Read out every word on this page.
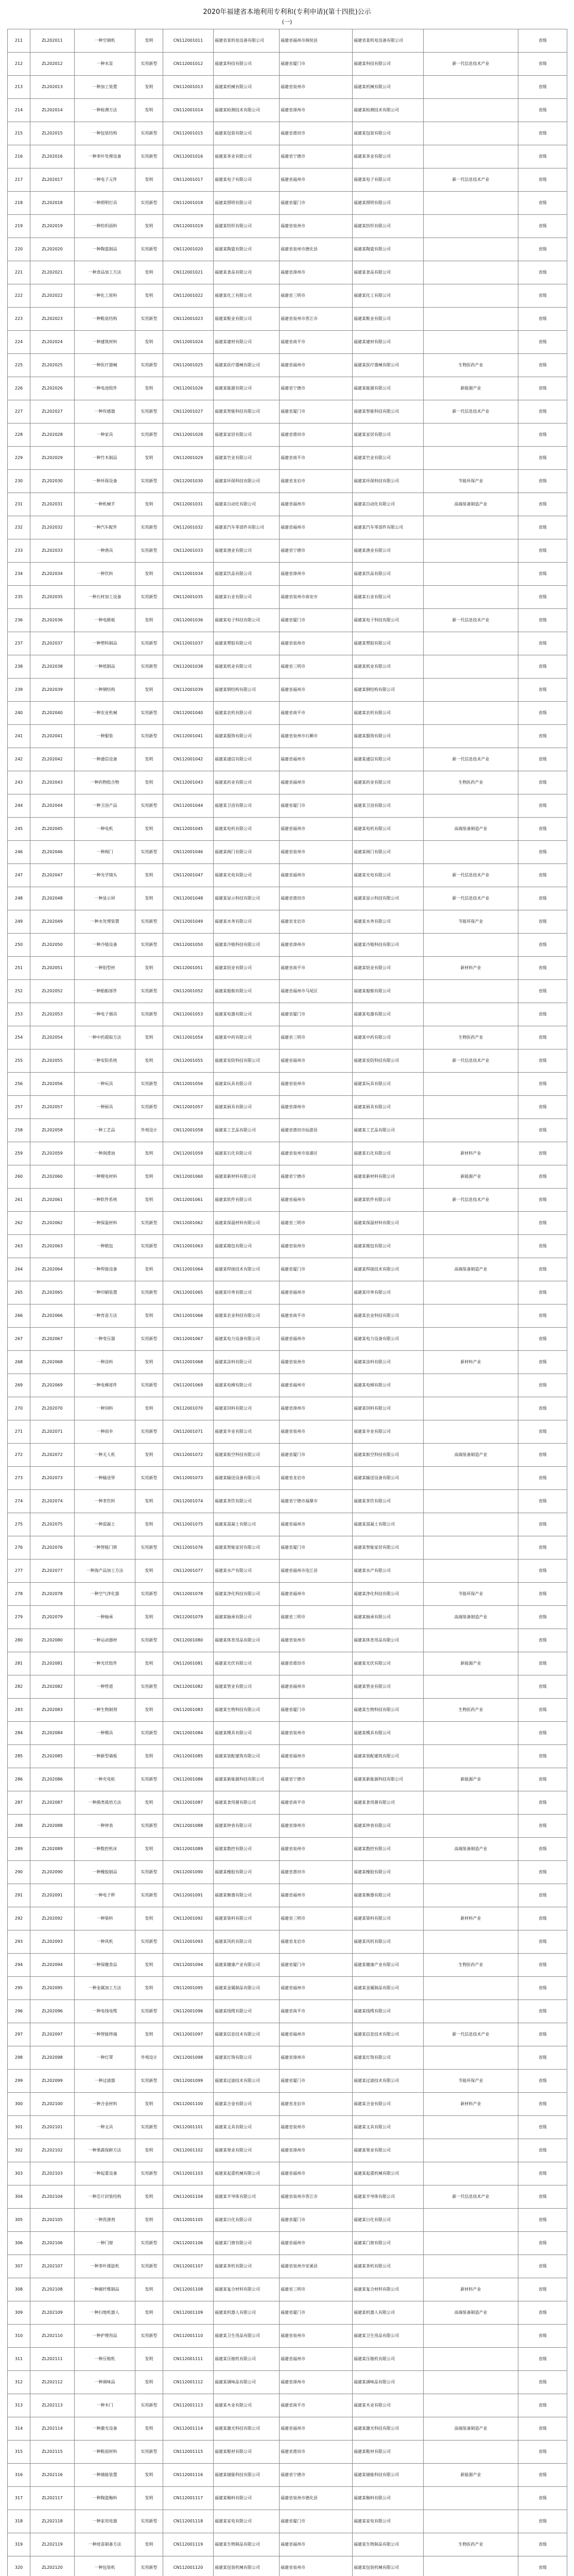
2020年福建省本地利用专利和(专利申请)(第十四批)公示
(一)
211	ZL202011	一种空调机	发明	CN112001011	福建省某机电设备有限公司	福建省福州市闽侯县	福建省某机电设备有限公司		省级
212	ZL202012	一种水泵	实用新型	CN112001012	福建某科技有限公司	福建省厦门市	福建某科技有限公司	新一代信息技术产业	省级
213	ZL202013	一种加工装置	发明	CN112001013	福建某机械有限公司	福建省泉州市	福建某机械有限公司		省级
214	ZL202014	一种检测方法	发明	CN112001014	福建某检测技术有限公司	福建省漳州市	福建某检测技术有限公司		省级
215	ZL202015	一种包装结构	实用新型	CN112001015	福建某包装有限公司	福建省莆田市	福建某包装有限公司		省级
216	ZL202016	一种茶叶处理设备	实用新型	CN112001016	福建某茶业有限公司	福建省宁德市	福建某茶业有限公司		省级
217	ZL202017	一种电子元件	发明	CN112001017	福建某电子有限公司	福建省福州市	福建某电子有限公司	新一代信息技术产业	省级
218	ZL202018	一种照明灯具	实用新型	CN112001018	福建某照明有限公司	福建省厦门市	福建某照明有限公司		省级
219	ZL202019	一种纺织面料	发明	CN112001019	福建某纺织有限公司	福建省泉州市	福建某纺织有限公司		省级
220	ZL202020	一种陶瓷制品	实用新型	CN112001020	福建某陶瓷有限公司	福建省泉州市德化县	福建某陶瓷有限公司		省级
221	ZL202021	一种食品加工方法	发明	CN112001021	福建某食品有限公司	福建省漳州市	福建某食品有限公司		省级
222	ZL202022	一种化工原料	发明	CN112001022	福建某化工有限公司	福建省三明市	福建某化工有限公司		省级
223	ZL202023	一种鞋底结构	实用新型	CN112001023	福建某鞋业有限公司	福建省泉州市晋江市	福建某鞋业有限公司		省级
224	ZL202024	一种建筑材料	发明	CN112001024	福建某建材有限公司	福建省南平市	福建某建材有限公司		省级
225	ZL202025	一种医疗器械	实用新型	CN112001025	福建某医疗器械有限公司	福建省福州市	福建某医疗器械有限公司	生物医药产业	省级
226	ZL202026	一种电池组件	发明	CN112001026	福建某能源有限公司	福建省宁德市	福建某能源有限公司	新能源产业	省级
227	ZL202027	一种传感器	实用新型	CN112001027	福建某智能科技有限公司	福建省厦门市	福建某智能科技有限公司	新一代信息技术产业	省级
228	ZL202028	一种家具	实用新型	CN112001028	福建某家居有限公司	福建省莆田市	福建某家居有限公司		省级
229	ZL202029	一种竹木制品	发明	CN112001029	福建某竹业有限公司	福建省南平市	福建某竹业有限公司		省级
230	ZL202030	一种环保设备	实用新型	CN112001030	福建某环保科技有限公司	福建省龙岩市	福建某环保科技有限公司	节能环保产业	省级
231	ZL202031	一种机械手	发明	CN112001031	福建某自动化有限公司	福建省福州市	福建某自动化有限公司	高端装备制造产业	省级
232	ZL202032	一种汽车配件	实用新型	CN112001032	福建某汽车零部件有限公司	福建省福州市	福建某汽车零部件有限公司		省级
233	ZL202033	一种渔具	实用新型	CN112001033	福建某渔业有限公司	福建省宁德市	福建某渔业有限公司		省级
234	ZL202034	一种饮料	发明	CN112001034	福建某饮品有限公司	福建省漳州市	福建某饮品有限公司		省级
235	ZL202035	一种石材加工设备	实用新型	CN112001035	福建某石业有限公司	福建省泉州市南安市	福建某石业有限公司		省级
236	ZL202036	一种电路板	发明	CN112001036	福建某电子科技有限公司	福建省厦门市	福建某电子科技有限公司	新一代信息技术产业	省级
237	ZL202037	一种塑料制品	实用新型	CN112001037	福建某塑胶有限公司	福建省泉州市	福建某塑胶有限公司		省级
238	ZL202038	一种纸制品	实用新型	CN112001038	福建某纸业有限公司	福建省三明市	福建某纸业有限公司		省级
239	ZL202039	一种钢结构	发明	CN112001039	福建某钢结构有限公司	福建省福州市	福建某钢结构有限公司		省级
240	ZL202040	一种农业机械	实用新型	CN112001040	福建某农机有限公司	福建省南平市	福建某农机有限公司		省级
241	ZL202041	一种服装	实用新型	CN112001041	福建某服饰有限公司	福建省泉州市石狮市	福建某服饰有限公司		省级
242	ZL202042	一种通信设备	发明	CN112001042	福建某通信有限公司	福建省福州市	福建某通信有限公司	新一代信息技术产业	省级
243	ZL202043	一种药物组合物	发明	CN112001043	福建某药业有限公司	福建省福州市	福建某药业有限公司	生物医药产业	省级
244	ZL202044	一种卫浴产品	实用新型	CN112001044	福建某卫浴有限公司	福建省厦门市	福建某卫浴有限公司		省级
245	ZL202045	一种电机	发明	CN112001045	福建某电机有限公司	福建省福州市	福建某电机有限公司	高端装备制造产业	省级
246	ZL202046	一种阀门	实用新型	CN112001046	福建某阀门有限公司	福建省泉州市	福建某阀门有限公司		省级
247	ZL202047	一种光学镜头	发明	CN112001047	福建某光电有限公司	福建省福州市	福建某光电有限公司	新一代信息技术产业	省级
248	ZL202048	一种显示屏	发明	CN112001048	福建某显示科技有限公司	福建省莆田市	福建某显示科技有限公司	新一代信息技术产业	省级
249	ZL202049	一种水处理装置	实用新型	CN112001049	福建某水务有限公司	福建省龙岩市	福建某水务有限公司	节能环保产业	省级
250	ZL202050	一种冷链设备	实用新型	CN112001050	福建某冷链科技有限公司	福建省漳州市	福建某冷链科技有限公司		省级
251	ZL202051	一种铝型材	发明	CN112001051	福建某铝业有限公司	福建省南平市	福建某铝业有限公司	新材料产业	省级
252	ZL202052	一种船舶部件	实用新型	CN112001052	福建某船舶有限公司	福建省福州市马尾区	福建某船舶有限公司		省级
253	ZL202053	一种电子烟具	实用新型	CN112001053	福建某电器有限公司	福建省厦门市	福建某电器有限公司		省级
254	ZL202054	一种中药提取方法	发明	CN112001054	福建某中药有限公司	福建省三明市	福建某中药有限公司	生物医药产业	省级
255	ZL202055	一种安防系统	发明	CN112001055	福建某安防科技有限公司	福建省福州市	福建某安防科技有限公司	新一代信息技术产业	省级
256	ZL202056	一种玩具	实用新型	CN112001056	福建某玩具有限公司	福建省泉州市	福建某玩具有限公司		省级
257	ZL202057	一种厨具	实用新型	CN112001057	福建某厨具有限公司	福建省漳州市	福建某厨具有限公司		省级
258	ZL202058	一种工艺品	外观设计	CN112001058	福建某工艺品有限公司	福建省莆田市仙游县	福建某工艺品有限公司		省级
259	ZL202059	一种润滑油	发明	CN112001059	福建某石化有限公司	福建省泉州市泉港区	福建某石化有限公司	新材料产业	省级
260	ZL202060	一种锂电材料	发明	CN112001060	福建某新材料有限公司	福建省宁德市	福建某新材料有限公司	新能源产业	省级
261	ZL202061	一种软件系统	发明	CN112001061	福建某软件有限公司	福建省福州市	福建某软件有限公司	新一代信息技术产业	省级
262	ZL202062	一种保温材料	实用新型	CN112001062	福建某保温材料有限公司	福建省三明市	福建某保温材料有限公司		省级
263	ZL202063	一种箱包	实用新型	CN112001063	福建某箱包有限公司	福建省泉州市	福建某箱包有限公司		省级
264	ZL202064	一种焊接设备	发明	CN112001064	福建某焊接技术有限公司	福建省厦门市	福建某焊接技术有限公司	高端装备制造产业	省级
265	ZL202065	一种印刷装置	实用新型	CN112001065	福建某印务有限公司	福建省福州市	福建某印务有限公司		省级
266	ZL202066	一种育苗方法	发明	CN112001066	福建某农业科技有限公司	福建省南平市	福建某农业科技有限公司		省级
267	ZL202067	一种变压器	实用新型	CN112001067	福建某电力设备有限公司	福建省福州市	福建某电力设备有限公司		省级
268	ZL202068	一种涂料	发明	CN112001068	福建某涂料有限公司	福建省泉州市	福建某涂料有限公司	新材料产业	省级
269	ZL202069	一种电梯部件	实用新型	CN112001069	福建某电梯有限公司	福建省福州市	福建某电梯有限公司		省级
270	ZL202070	一种饲料	发明	CN112001070	福建某饲料有限公司	福建省漳州市	福建某饲料有限公司		省级
271	ZL202071	一种雨伞	实用新型	CN112001071	福建某伞业有限公司	福建省泉州市	福建某伞业有限公司		省级
272	ZL202072	一种无人机	发明	CN112001072	福建某航空科技有限公司	福建省厦门市	福建某航空科技有限公司	高端装备制造产业	省级
273	ZL202073	一种输送带	实用新型	CN112001073	福建某输送设备有限公司	福建省龙岩市	福建某输送设备有限公司		省级
274	ZL202074	一种茶饮料	发明	CN112001074	福建某茶饮有限公司	福建省宁德市福鼎市	福建某茶饮有限公司		省级
275	ZL202075	一种混凝土	发明	CN112001075	福建某混凝土有限公司	福建省福州市	福建某混凝土有限公司		省级
276	ZL202076	一种智能门锁	实用新型	CN112001076	福建某智能家居有限公司	福建省厦门市	福建某智能家居有限公司		省级
277	ZL202077	一种海产品加工方法	发明	CN112001077	福建某水产有限公司	福建省福州市连江县	福建某水产有限公司		省级
278	ZL202078	一种空气净化器	实用新型	CN112001078	福建某净化科技有限公司	福建省福州市	福建某净化科技有限公司	节能环保产业	省级
279	ZL202079	一种轴承	发明	CN112001079	福建某轴承有限公司	福建省三明市	福建某轴承有限公司	高端装备制造产业	省级
280	ZL202080	一种运动器材	实用新型	CN112001080	福建某体育用品有限公司	福建省泉州市	福建某体育用品有限公司		省级
281	ZL202081	一种光伏组件	发明	CN112001081	福建某光伏有限公司	福建省莆田市	福建某光伏有限公司	新能源产业	省级
282	ZL202082	一种管道	实用新型	CN112001082	福建某管业有限公司	福建省福州市	福建某管业有限公司		省级
283	ZL202083	一种生物制剂	发明	CN112001083	福建某生物科技有限公司	福建省厦门市	福建某生物科技有限公司	生物医药产业	省级
284	ZL202084	一种模具	实用新型	CN112001084	福建某模具有限公司	福建省泉州市	福建某模具有限公司		省级
285	ZL202085	一种新型墙板	发明	CN112001085	福建某装配建筑有限公司	福建省福州市	福建某装配建筑有限公司		省级
286	ZL202086	一种充电桩	实用新型	CN112001086	福建某新能源科技有限公司	福建省宁德市	福建某新能源科技有限公司	新能源产业	省级
287	ZL202087	一种菌类栽培方法	发明	CN112001087	福建某食用菌有限公司	福建省南平市	福建某食用菌有限公司		省级
288	ZL202088	一种钟表	实用新型	CN112001088	福建某钟表有限公司	福建省漳州市	福建某钟表有限公司		省级
289	ZL202089	一种数控机床	发明	CN112001089	福建某数控有限公司	福建省泉州市	福建某数控有限公司	高端装备制造产业	省级
290	ZL202090	一种橡胶制品	实用新型	CN112001090	福建某橡胶有限公司	福建省莆田市	福建某橡胶有限公司		省级
291	ZL202091	一种电子秤	实用新型	CN112001091	福建某衡器有限公司	福建省福州市	福建某衡器有限公司		省级
292	ZL202092	一种染料	发明	CN112001092	福建某染料有限公司	福建省三明市	福建某染料有限公司	新材料产业	省级
293	ZL202093	一种风机	实用新型	CN112001093	福建某风机有限公司	福建省龙岩市	福建某风机有限公司		省级
294	ZL202094	一种保健食品	发明	CN112001094	福建某健康产业有限公司	福建省厦门市	福建某健康产业有限公司	生物医药产业	省级
295	ZL202095	一种金属加工方法	发明	CN112001095	福建某金属制品有限公司	福建省福州市	福建某金属制品有限公司		省级
296	ZL202096	一种电线电缆	实用新型	CN112001096	福建某线缆有限公司	福建省南平市	福建某线缆有限公司		省级
297	ZL202097	一种智能终端	发明	CN112001097	福建某信息技术有限公司	福建省福州市	福建某信息技术有限公司	新一代信息技术产业	省级
298	ZL202098	一种灯罩	外观设计	CN112001098	福建某灯饰有限公司	福建省漳州市	福建某灯饰有限公司		省级
299	ZL202099	一种过滤器	实用新型	CN112001099	福建某过滤技术有限公司	福建省厦门市	福建某过滤技术有限公司	节能环保产业	省级
300	ZL202100	一种合金材料	发明	CN112001100	福建某合金有限公司	福建省龙岩市	福建某合金有限公司	新材料产业	省级
301	ZL202101	一种文具	实用新型	CN112001101	福建某文具有限公司	福建省泉州市	福建某文具有限公司		省级
302	ZL202102	一种果蔬保鲜方法	发明	CN112001102	福建某果业有限公司	福建省漳州市	福建某果业有限公司		省级
303	ZL202103	一种起重设备	实用新型	CN112001103	福建某起重机械有限公司	福建省福州市	福建某起重机械有限公司		省级
304	ZL202104	一种芯片封装结构	发明	CN112001104	福建某半导体有限公司	福建省泉州市晋江市	福建某半导体有限公司	新一代信息技术产业	省级
305	ZL202105	一种洗涤剂	发明	CN112001105	福建某日化有限公司	福建省厦门市	福建某日化有限公司		省级
306	ZL202106	一种门窗	实用新型	CN112001106	福建某门窗有限公司	福建省福州市	福建某门窗有限公司		省级
307	ZL202107	一种茶叶揉捻机	实用新型	CN112001107	福建某茶机有限公司	福建省泉州市安溪县	福建某茶机有限公司		省级
308	ZL202108	一种碳纤维制品	发明	CN112001108	福建某复合材料有限公司	福建省三明市	福建某复合材料有限公司	新材料产业	省级
309	ZL202109	一种扫地机器人	发明	CN112001109	福建某机器人有限公司	福建省厦门市	福建某机器人有限公司	高端装备制造产业	省级
310	ZL202110	一种护理用品	实用新型	CN112001110	福建某卫生用品有限公司	福建省泉州市	福建某卫生用品有限公司		省级
311	ZL202111	一种压缩机	发明	CN112001111	福建某压缩机有限公司	福建省福州市	福建某压缩机有限公司		省级
312	ZL202112	一种调味品	发明	CN112001112	福建某调味品有限公司	福建省漳州市	福建某调味品有限公司		省级
313	ZL202113	一种木门	实用新型	CN112001113	福建某木业有限公司	福建省南平市	福建某木业有限公司		省级
314	ZL202114	一种激光设备	发明	CN112001114	福建某激光科技有限公司	福建省福州市	福建某激光科技有限公司	高端装备制造产业	省级
315	ZL202115	一种鞋面材料	实用新型	CN112001115	福建某鞋材有限公司	福建省莆田市	福建某鞋材有限公司		省级
316	ZL202116	一种储能装置	发明	CN112001116	福建某储能科技有限公司	福建省宁德市	福建某储能科技有限公司	新能源产业	省级
317	ZL202117	一种陶瓷釉料	发明	CN112001117	福建某釉料有限公司	福建省泉州市德化县	福建某釉料有限公司		省级
318	ZL202118	一种家用电器	实用新型	CN112001118	福建某家电有限公司	福建省厦门市	福建某家电有限公司		省级
319	ZL202119	一种疫苗制备方法	发明	CN112001119	福建某生物制品有限公司	福建省福州市	福建某生物制品有限公司	生物医药产业	省级
320	ZL202120	一种包装机	实用新型	CN112001120	福建某包装机械有限公司	福建省泉州市	福建某包装机械有限公司		省级
